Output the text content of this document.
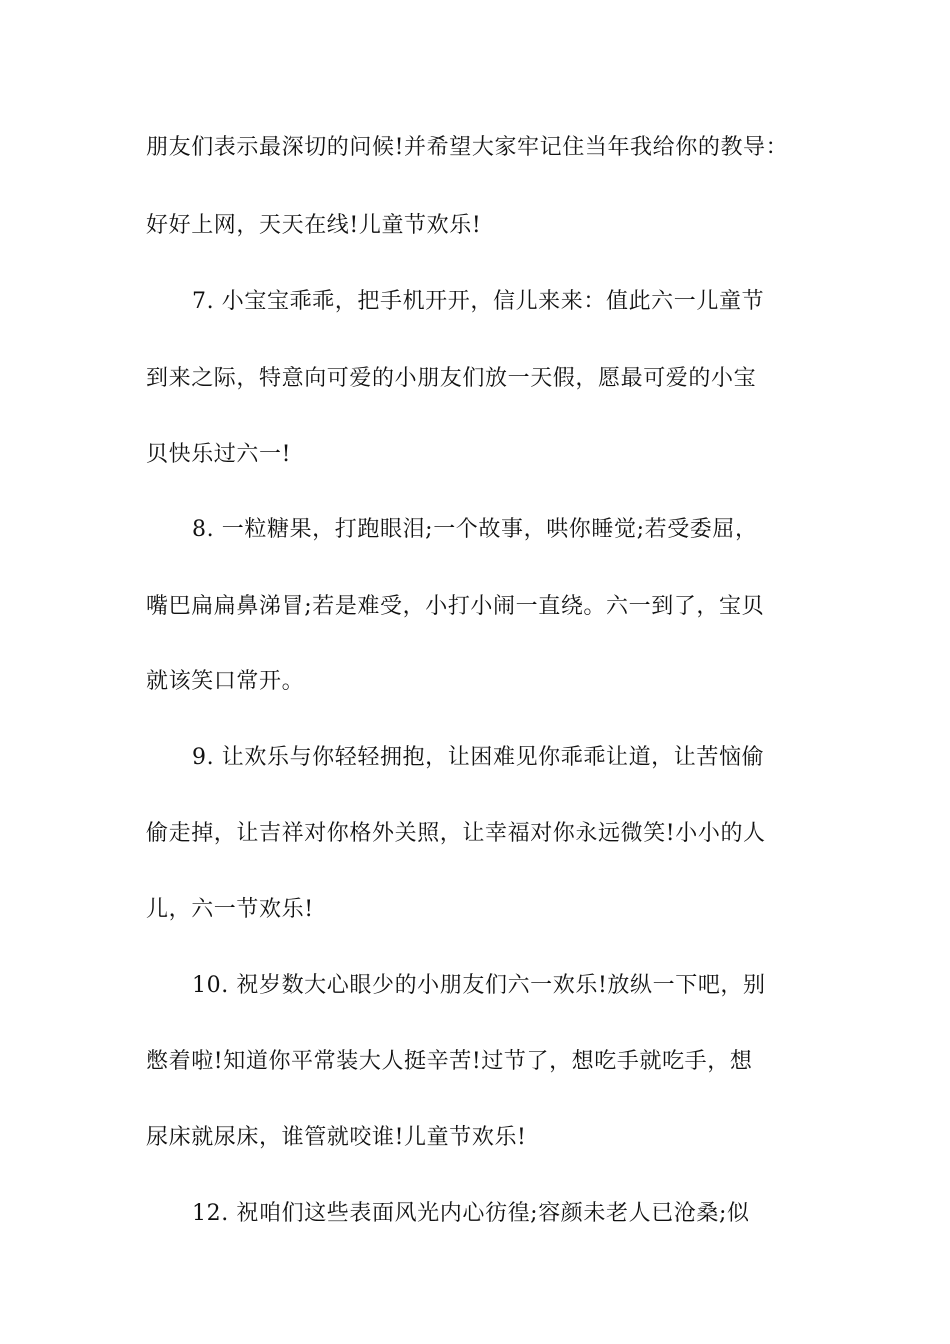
朋友们表示最深切的问候!并希望大家牢记住当年我给你的教导：
好好上网，天天在线!儿童节欢乐!
7. 小宝宝乖乖，把手机开开，信儿来来：值此六一儿童节
到来之际，特意向可爱的小朋友们放一天假，愿最可爱的小宝
贝快乐过六一!
8. 一粒糖果，打跑眼泪;一个故事，哄你睡觉;若受委屈，
嘴巴扁扁鼻涕冒;若是难受，小打小闹一直绕。六一到了，宝贝
就该笑口常开。
9. 让欢乐与你轻轻拥抱，让困难见你乖乖让道，让苦恼偷
偷走掉，让吉祥对你格外关照，让幸福对你永远微笑!小小的人
儿，六一节欢乐!
10. 祝岁数大心眼少的小朋友们六一欢乐!放纵一下吧，别
憋着啦!知道你平常装大人挺辛苦!过节了，想吃手就吃手，想
尿床就尿床，谁管就咬谁!儿童节欢乐!
12. 祝咱们这些表面风光内心彷徨;容颜未老人已沧桑;似
